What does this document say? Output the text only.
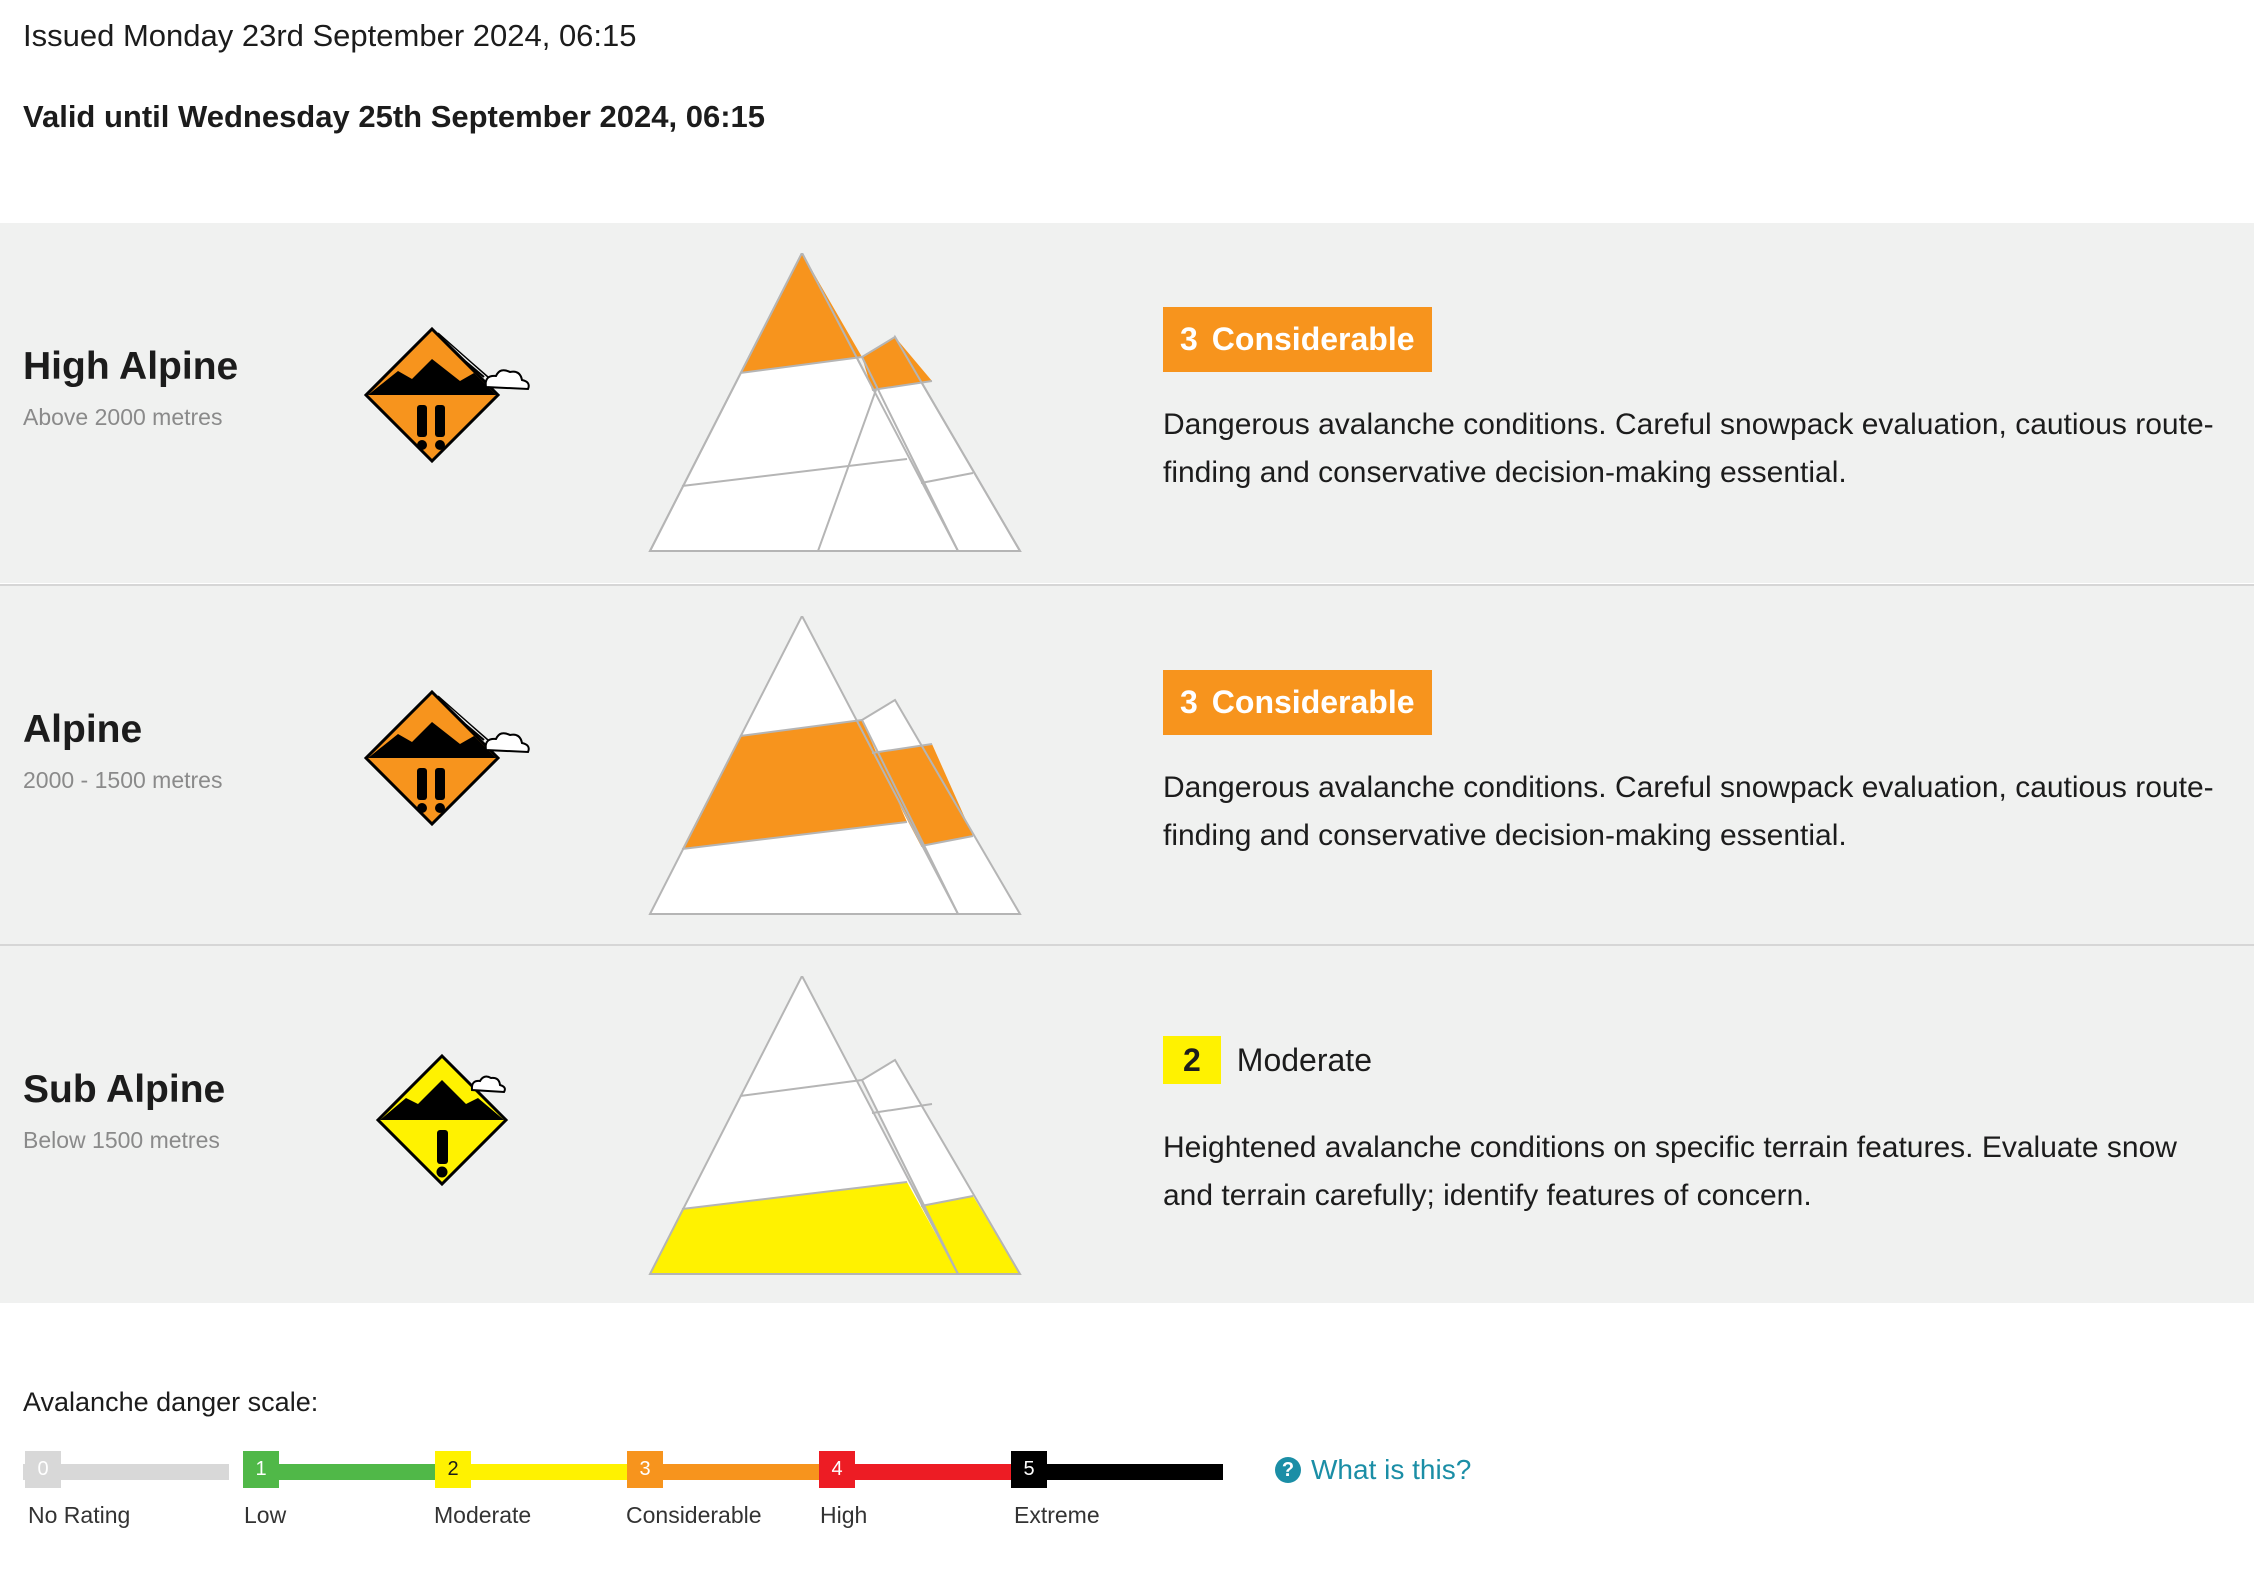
Issued Monday 23rd September 2024, 06:15
Valid until Wednesday 25th September 2024, 06:15
High Alpine
Above 2000 metres
3 Considerable

Dangerous avalanche conditions. Careful snowpack evaluation, cautious route-finding and conservative decision-making essential.

Alpine
2000 - 1500 metres
3 Considerable

Dangerous avalanche conditions. Careful snowpack evaluation, cautious route-finding and conservative decision-making essential.

Sub Alpine
Below 1500 metres
2 Moderate

Heightened avalanche conditions on specific terrain features. Evaluate snow and terrain carefully; identify features of concern.

Avalanche danger scale:
0	1	2	3	4	5
No Rating	Low	Moderate	Considerable	High	Extreme
? What is this?
